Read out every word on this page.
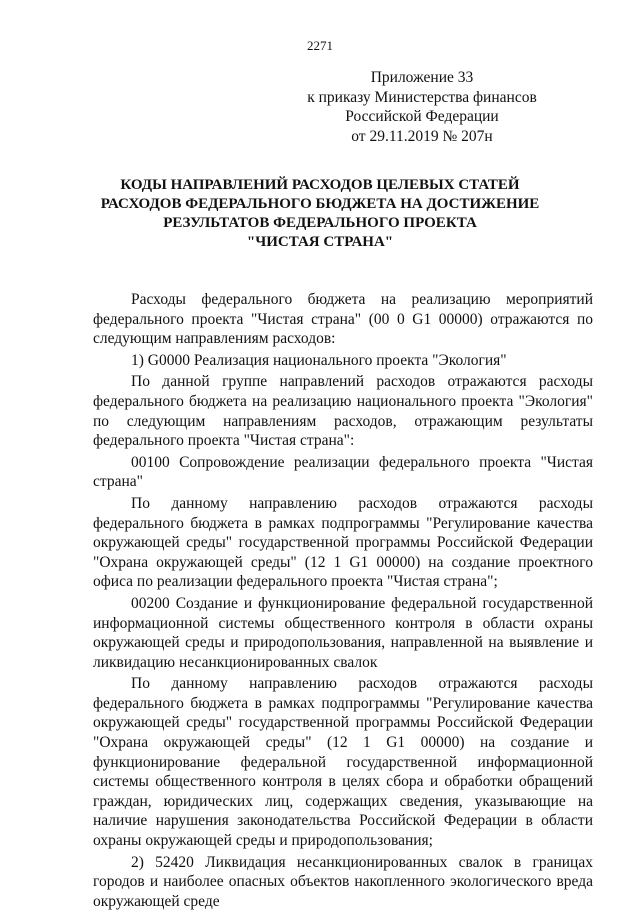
2271
Приложение 33
к приказу Министерства финансов
Российской Федерации
от 29.11.2019 № 207н
КОДЫ НАПРАВЛЕНИЙ РАСХОДОВ ЦЕЛЕВЫХ СТАТЕЙ
РАСХОДОВ ФЕДЕРАЛЬНОГО БЮДЖЕТА НА ДОСТИЖЕНИЕ
РЕЗУЛЬТАТОВ ФЕДЕРАЛЬНОГО ПРОЕКТА
"ЧИСТАЯ СТРАНА"

Расходы федерального бюджета на реализацию мероприятий федерального проекта "Чистая страна" (00 0 G1 00000) отражаются по следующим направлениям расходов:

1) G0000 Реализация национального проекта "Экология"

По данной группе направлений расходов отражаются расходы федерального бюджета на реализацию национального проекта "Экология" по следующим направлениям расходов, отражающим результаты федерального проекта "Чистая страна":

00100 Сопровождение реализации федерального проекта "Чистая страна"

По данному направлению расходов отражаются расходы федерального бюджета в рамках подпрограммы "Регулирование качества окружающей среды" государственной программы Российской Федерации "Охрана окружающей среды" (12 1 G1 00000) на создание проектного офиса по реализации федерального проекта "Чистая страна";

00200 Создание и функционирование федеральной государственной информационной системы общественного контроля в области охраны окружающей среды и природопользования, направленной на выявление и ликвидацию несанкционированных свалок

По данному направлению расходов отражаются расходы федерального бюджета в рамках подпрограммы "Регулирование качества окружающей среды" государственной программы Российской Федерации "Охрана окружающей среды" (12 1 G1 00000) на создание и функционирование федеральной государственной информационной системы общественного контроля в целях сбора и обработки обращений граждан, юридических лиц, содержащих сведения, указывающие на наличие нарушения законодательства Российской Федерации в области охраны окружающей среды и природопользования;

2) 52420 Ликвидация несанкционированных свалок в границах городов и наиболее опасных объектов накопленного экологического вреда окружающей среде
